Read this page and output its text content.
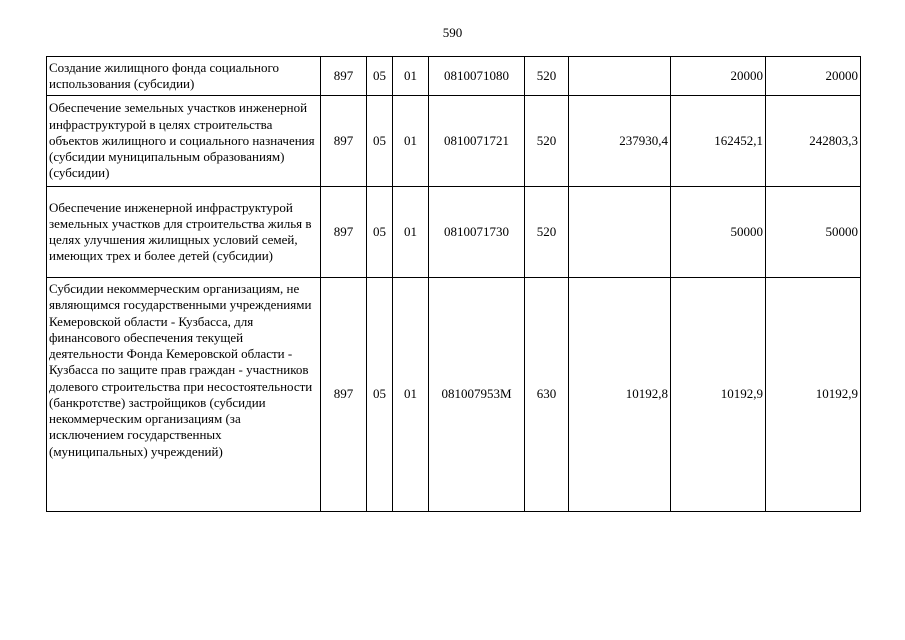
590
Создание жилищного фонда социального использования (субсидии)	897	05	01	0810071080	520		20000	20000
Обеспечение земельных участков инженерной инфраструктурой в целях строительства объектов жилищного и социального назначения (субсидии муниципальным образованиям) (субсидии)	897	05	01	0810071721	520	237930,4	162452,1	242803,3
Обеспечение инженерной инфраструктурой земельных участков для строительства жилья в целях улучшения жилищных условий семей, имеющих трех и более детей (субсидии)	897	05	01	0810071730	520		50000	50000
Субсидии некоммерческим организациям, не являющимся государственными учреждениями Кемеровской области - Кузбасса, для финансового обеспечения текущей деятельности Фонда Кемеровской области - Кузбасса по защите прав граждан - участников долевого строительства при несостоятельности (банкротстве) застройщиков (субсидии некоммерческим организациям (за исключением государственных (муниципальных) учреждений)	897	05	01	081007953М	630	10192,8	10192,9	10192,9
